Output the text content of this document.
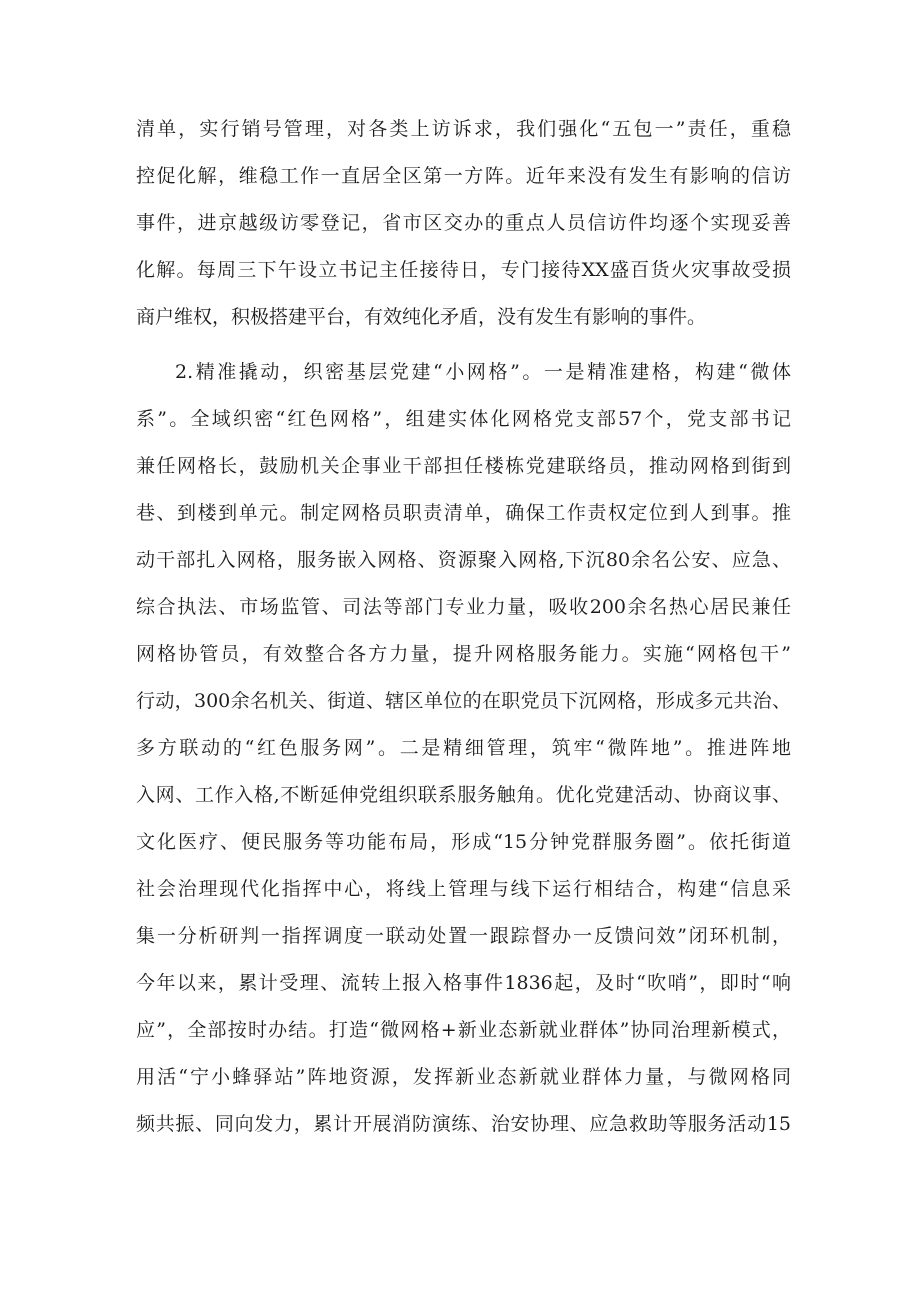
清单，实行销号管理，对各类上访诉求，我们强化“五包一”责任，重稳
控促化解，维稳工作一直居全区第一方阵。近年来没有发生有影响的信访
事件，进京越级访零登记，省市区交办的重点人员信访件均逐个实现妥善
化解。每周三下午设立书记主任接待日，专门接待XX盛百货火灾事故受损
商户维权，积极搭建平台，有效纯化矛盾，没有发生有影响的事件。
2.精准撬动，织密基层党建“小网格”。一是精准建格，构建“微体
系”。全域织密“红色网格”，组建实体化网格党支部57个，党支部书记
兼任网格长，鼓励机关企事业干部担任楼栋党建联络员，推动网格到街到
巷、到楼到单元。制定网格员职责清单，确保工作责权定位到人到事。推
动干部扎入网格，服务嵌入网格、资源聚入网格,下沉80余名公安、应急、
综合执法、市场监管、司法等部门专业力量，吸收200余名热心居民兼任
网格协管员，有效整合各方力量，提升网格服务能力。实施“网格包干”
行动，300余名机关、街道、辖区单位的在职党员下沉网格，形成多元共治、
多方联动的“红色服务网”。二是精细管理，筑牢“微阵地”。推进阵地
入网、工作入格,不断延伸党组织联系服务触角。优化党建活动、协商议事、
文化医疗、便民服务等功能布局，形成“15分钟党群服务圈”。依托街道
社会治理现代化指挥中心，将线上管理与线下运行相结合，构建“信息采
集一分析研判一指挥调度一联动处置一跟踪督办一反馈问效”闭环机制，
今年以来，累计受理、流转上报入格事件1836起，及时“吹哨”，即时“响
应”，全部按时办结。打造“微网格+新业态新就业群体”协同治理新模式，
用活“宁小蜂驿站”阵地资源，发挥新业态新就业群体力量，与微网格同
频共振、同向发力，累计开展消防演练、治安协理、应急救助等服务活动15
